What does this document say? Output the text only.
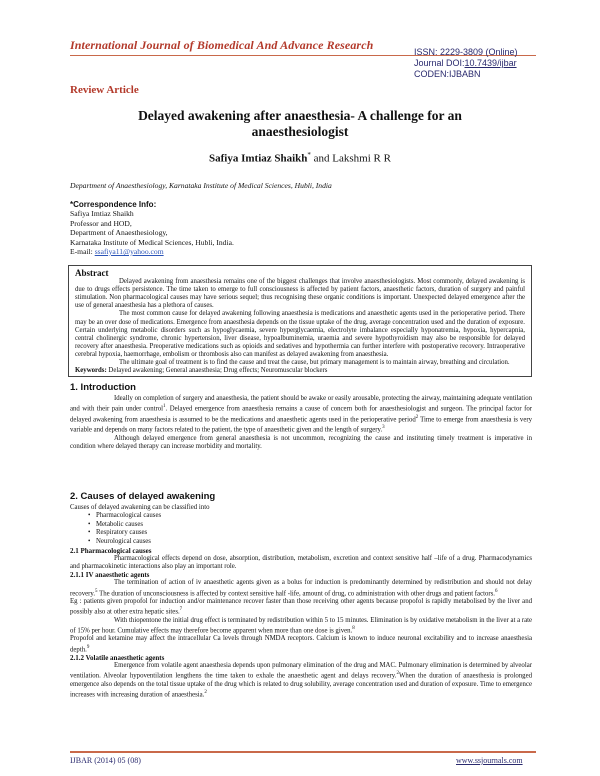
International Journal of Biomedical And Advance Research	ISSN: 2229-3809 (Online)
Journal DOI:10.7439/ijbar
CODEN:IJBABN
Review Article
Delayed awakening after anaesthesia- A challenge for an anaesthesiologist
Safiya Imtiaz Shaikh* and Lakshmi R R
Department of Anaesthesiology, Karnataka Institute of Medical Sciences, Hubli, India
*Correspondence Info:
Safiya Imtiaz Shaikh
Professor and HOD,
Department of Anaesthesiology,
Karnataka Institute of Medical Sciences, Hubli, India.
E-mail: ssafiya11@yahoo.com
Abstract

Delayed awakening from anaesthesia remains one of the biggest challenges that involve anaesthesiologists. Most commonly, delayed awakening is due to drugs effects persistence. The time taken to emerge to full consciousness is affected by patient factors, anaesthetic factors, duration of surgery and painful stimulation. Non pharmacological causes may have serious sequel; thus recognising these organic conditions is important. Unexpected delayed emergence after the use of general anaesthesia has a plethora of causes.

The most common cause for delayed awakening following anaesthesia is medications and anaesthetic agents used in the perioperative period. There may be an over dose of medications. Emergence from anaesthesia depends on the tissue uptake of the drug, average concentration used and the duration of exposure. Certain underlying metabolic disorders such as hypoglycaemia, severe hyperglycaemia, electrolyte imbalance especially hyponatremia, hypoxia, hypercapnia, central cholinergic syndrome, chronic hypertension, liver disease, hypoalbuminemia, uraemia and severe hypothyroidism may also be responsible for delayed recovery after anaesthesia. Preoperative medications such as opioids and sedatives and hypothermia can further interfere with postoperative recovery. Intraoperative cerebral hypoxia, haemorrhage, embolism or thrombosis also can manifest as delayed awakening from anaesthesia.

The ultimate goal of treatment is to find the cause and treat the cause, but primary management is to maintain airway, breathing and circulation.

Keywords: Delayed awakening; General anaesthesia; Drug effects; Neuromuscular blockers
1. Introduction

Ideally on completion of surgery and anaesthesia, the patient should be awake or easily arousable, protecting the airway, maintaining adequate ventilation and with their pain under control$^1$. Delayed emergence from anaesthesia remains a cause of concern both for anaesthesiologist and surgeon. The principal factor for delayed awakening from anaesthesia is assumed to be the medications and anaesthetic agents used in the perioperative period$^2$ Time to emerge from anaesthesia is very variable and depends on many factors related to the patient, the type of anaesthetic given and the length of surgery.$^3$

Although delayed emergence from general anaesthesia is not uncommon, recognizing the cause and instituting timely treatment is imperative in condition where delayed therapy can increase morbidity and mortality.

2. Causes of delayed awakening

Causes of delayed awakening can be classified into

• Pharmacological causes
• Metabolic causes
• Respiratory causes
• Neurological causes
2.1 Pharmacological causes

Pharmacological effects depend on dose, absorption, distribution, metabolism, excretion and context sensitive half –life of a drug. Pharmacodynamics and pharmacokinetic interactions also play an important role.

2.1.1 IV anaesthetic agents

The termination of action of iv anaesthetic agents given as a bolus for induction is predominantly determined by redistribution and should not delay recovery.$^5$ The duration of unconsciousness is affected by context sensitive half -life, amount of drug, co administration with other drugs and patient factors.$^6$

Eg : patients given propofol for induction and/or maintenance recover faster than those receiving other agents because propofol is rapidly metabolised by the liver and possibly also at other extra hepatic sites.$^7$

With thiopentone the initial drug effect is terminated by redistribution within 5 to 15 minutes. Elimination is by oxidative metabolism in the liver at a rate of 15% per hour. Cumulative effects may therefore become apparent when more than one dose is given.$^8$

Propofol and ketamine may affect the intracellular Ca levels through NMDA receptors. Calcium is known to induce neuronal excitability and to increase anaesthesia depth.$^9$

2.1.2 Volatile anaesthetic agents

Emergence from volatile agent anaesthesia depends upon pulmonary elimination of the drug and MAC. Pulmonary elimination is determined by alveolar ventilation. Alveolar hypoventilation lengthens the time taken to exhale the anaesthetic agent and delays recovery.$^2$When the duration of anaesthesia is prolonged emergence also depends on the total tissue uptake of the drug which is related to drug solubility, average concentration used and duration of exposure. Time to emergence increases with increasing duration of anaesthesia.$^2$

IJBAR (2014) 05 (08)	www.ssjournals.com
